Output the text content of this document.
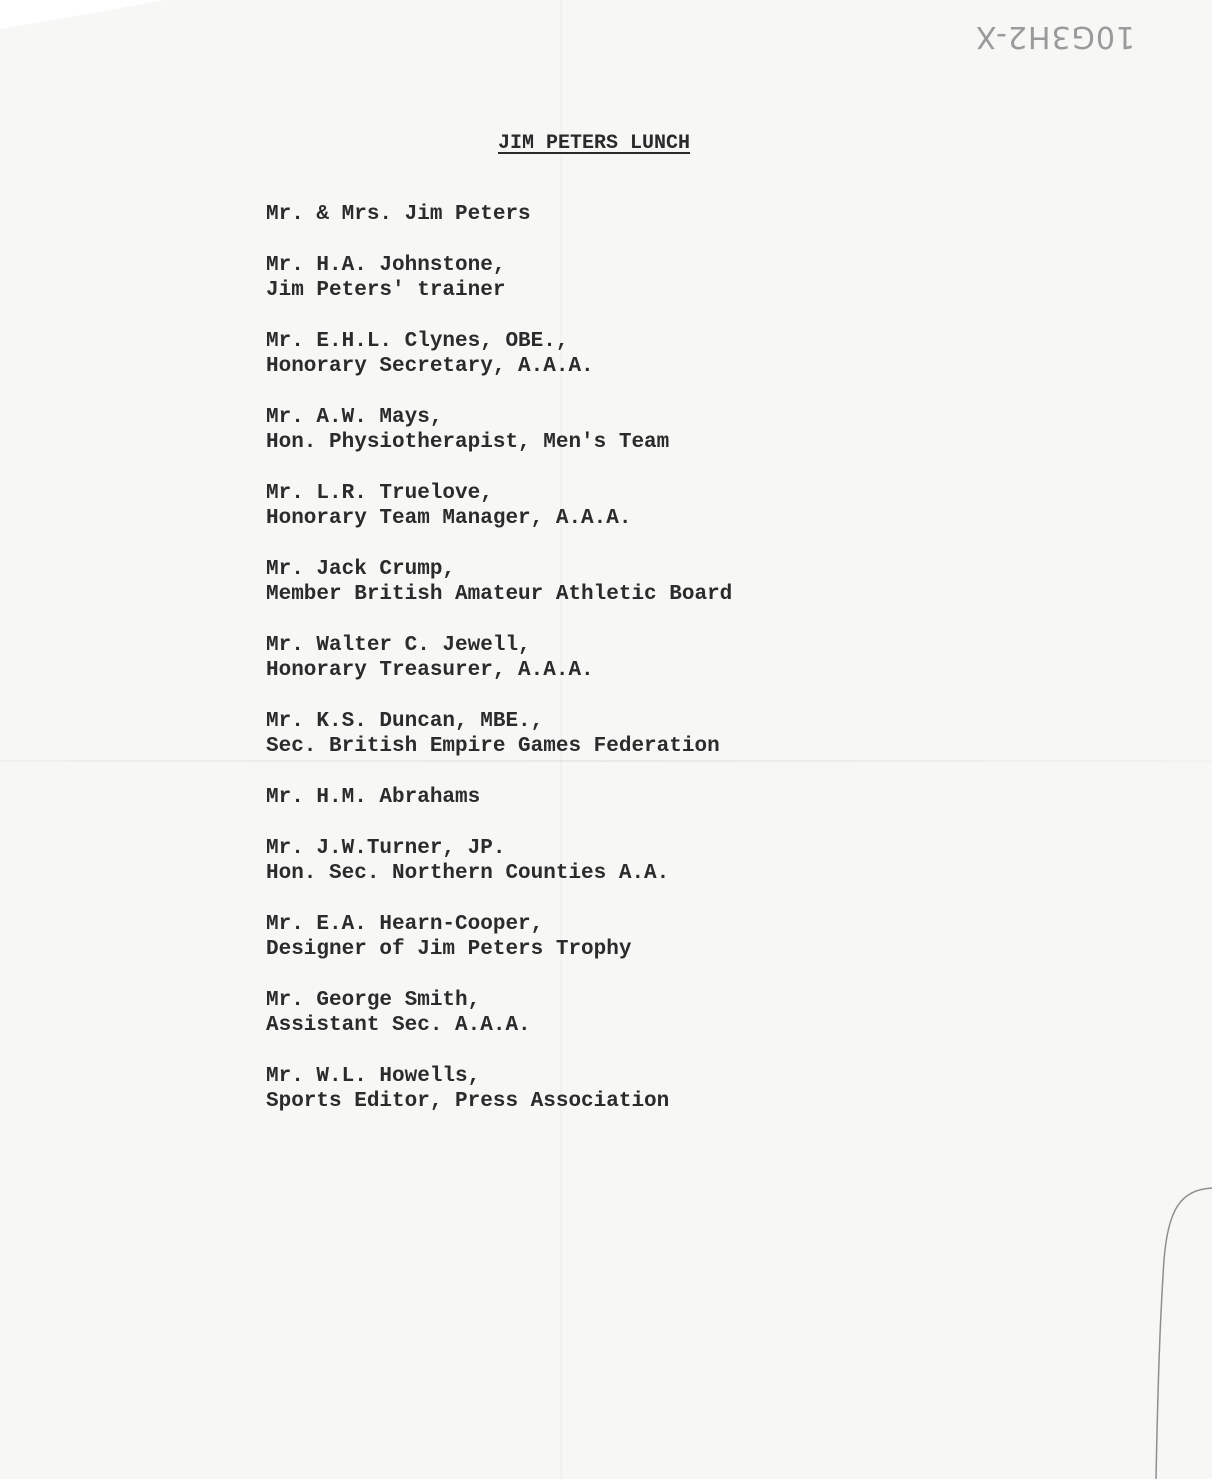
10G3H2-X
JIM PETERS LUNCH
Mr. & Mrs. Jim Peters
Mr. H.A. Johnstone,
Jim Peters' trainer
Mr. E.H.L. Clynes, OBE.,
Honorary Secretary, A.A.A.
Mr. A.W. Mays,
Hon. Physiotherapist, Men's Team
Mr. L.R. Truelove,
Honorary Team Manager, A.A.A.
Mr. Jack Crump,
Member British Amateur Athletic Board
Mr. Walter C. Jewell,
Honorary Treasurer, A.A.A.
Mr. K.S. Duncan, MBE.,
Sec. British Empire Games Federation
Mr. H.M. Abrahams
Mr. J.W.Turner, JP.
Hon. Sec. Northern Counties A.A.
Mr. E.A. Hearn-Cooper,
Designer of Jim Peters Trophy
Mr. George Smith,
Assistant Sec. A.A.A.
Mr. W.L. Howells,
Sports Editor, Press Association
